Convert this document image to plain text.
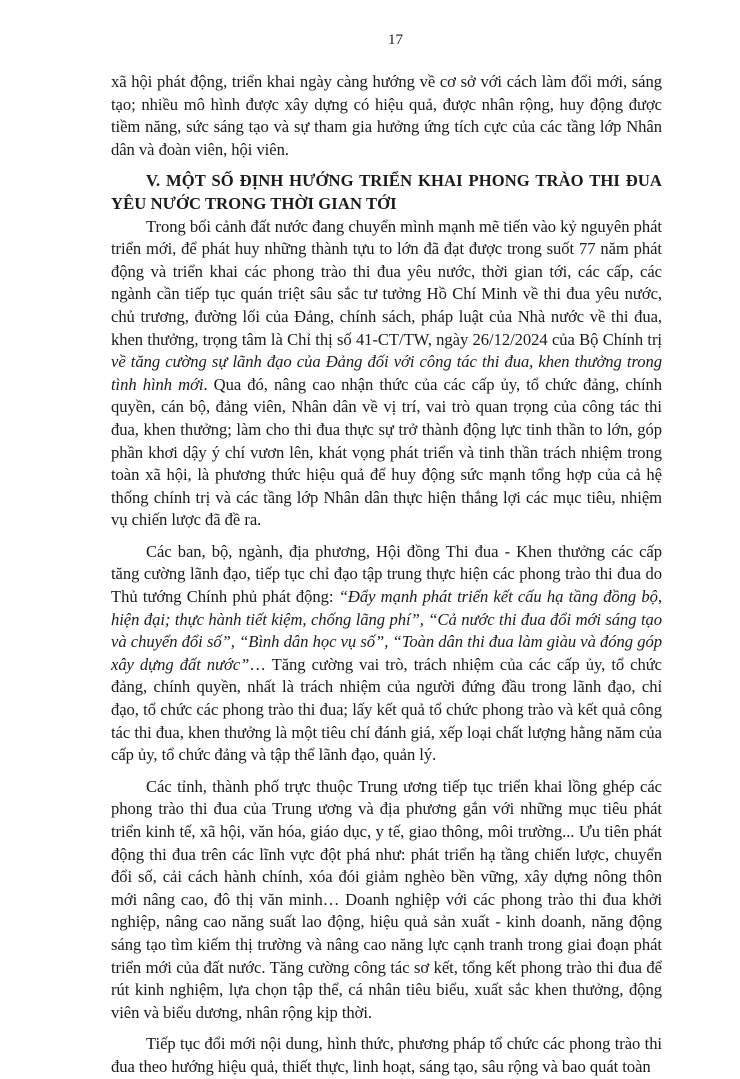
17

xã hội phát động, triển khai ngày càng hướng về cơ sở với cách làm đổi mới, sáng tạo; nhiều mô hình được xây dựng có hiệu quả, được nhân rộng, huy động được tiềm năng, sức sáng tạo và sự tham gia hưởng ứng tích cực của các tầng lớp Nhân dân và đoàn viên, hội viên.

V. MỘT SỐ ĐỊNH HƯỚNG TRIỂN KHAI PHONG TRÀO THI ĐUA YÊU NƯỚC TRONG THỜI GIAN TỚI

Trong bối cảnh đất nước đang chuyển mình mạnh mẽ tiến vào kỷ nguyên phát triển mới, để phát huy những thành tựu to lớn đã đạt được trong suốt 77 năm phát động và triển khai các phong trào thi đua yêu nước, thời gian tới, các cấp, các ngành cần tiếp tục quán triệt sâu sắc tư tưởng Hồ Chí Minh về thi đua yêu nước, chủ trương, đường lối của Đảng, chính sách, pháp luật của Nhà nước về thi đua, khen thưởng, trọng tâm là Chỉ thị số 41-CT/TW, ngày 26/12/2024 của Bộ Chính trị về tăng cường sự lãnh đạo của Đảng đối với công tác thi đua, khen thưởng trong tình hình mới. Qua đó, nâng cao nhận thức của các cấp ủy, tổ chức đảng, chính quyền, cán bộ, đảng viên, Nhân dân về vị trí, vai trò quan trọng của công tác thi đua, khen thưởng; làm cho thi đua thực sự trở thành động lực tinh thần to lớn, góp phần khơi dậy ý chí vươn lên, khát vọng phát triển và tinh thần trách nhiệm trong toàn xã hội, là phương thức hiệu quả để huy động sức mạnh tổng hợp của cả hệ thống chính trị và các tầng lớp Nhân dân thực hiện thắng lợi các mục tiêu, nhiệm vụ chiến lược đã đề ra.

Các ban, bộ, ngành, địa phương, Hội đồng Thi đua - Khen thưởng các cấp tăng cường lãnh đạo, tiếp tục chỉ đạo tập trung thực hiện các phong trào thi đua do Thủ tướng Chính phủ phát động: “Đẩy mạnh phát triển kết cấu hạ tầng đồng bộ, hiện đại; thực hành tiết kiệm, chống lãng phí”, “Cả nước thi đua đổi mới sáng tạo và chuyển đổi số”, “Bình dân học vụ số”, “Toàn dân thi đua làm giàu và đóng góp xây dựng đất nước”… Tăng cường vai trò, trách nhiệm của các cấp ủy, tổ chức đảng, chính quyền, nhất là trách nhiệm của người đứng đầu trong lãnh đạo, chỉ đạo, tổ chức các phong trào thi đua; lấy kết quả tổ chức phong trào và kết quả công tác thi đua, khen thưởng là một tiêu chí đánh giá, xếp loại chất lượng hằng năm của cấp ủy, tổ chức đảng và tập thể lãnh đạo, quản lý.

Các tỉnh, thành phố trực thuộc Trung ương tiếp tục triển khai lồng ghép các phong trào thi đua của Trung ương và địa phương gắn với những mục tiêu phát triển kinh tế, xã hội, văn hóa, giáo dục, y tế, giao thông, môi trường... Ưu tiên phát động thi đua trên các lĩnh vực đột phá như: phát triển hạ tầng chiến lược, chuyển đổi số, cải cách hành chính, xóa đói giảm nghèo bền vững, xây dựng nông thôn mới nâng cao, đô thị văn minh… Doanh nghiệp với các phong trào thi đua khởi nghiệp, nâng cao năng suất lao động, hiệu quả sản xuất - kinh doanh, năng động sáng tạo tìm kiếm thị trường và nâng cao năng lực cạnh tranh trong giai đoạn phát triển mới của đất nước. Tăng cường công tác sơ kết, tổng kết phong trào thi đua để rút kinh nghiệm, lựa chọn tập thể, cá nhân tiêu biểu, xuất sắc khen thưởng, động viên và biểu dương, nhân rộng kịp thời.

Tiếp tục đổi mới nội dung, hình thức, phương pháp tổ chức các phong trào thi đua theo hướng hiệu quả, thiết thực, linh hoạt, sáng tạo, sâu rộng và bao quát toàn
